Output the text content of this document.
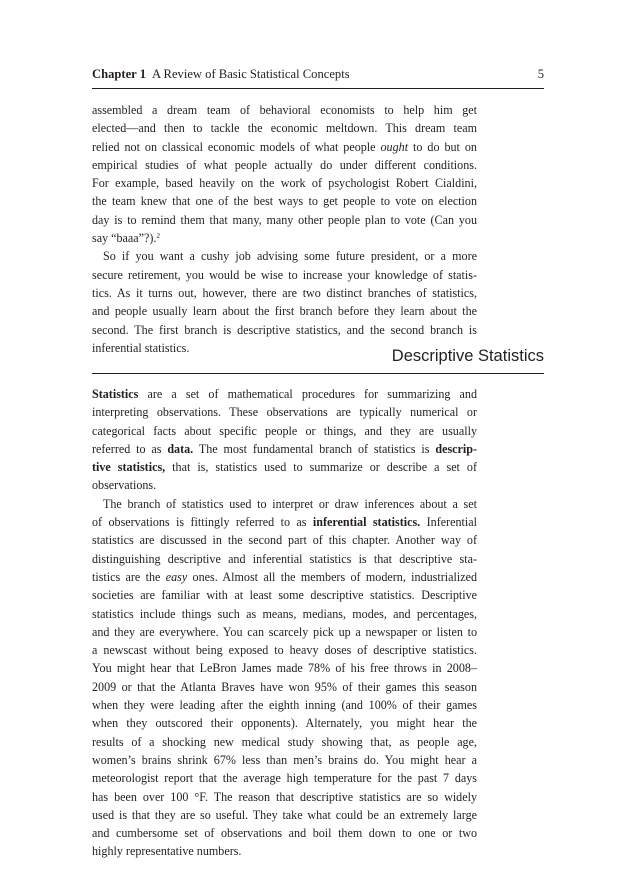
Chapter 1 A Review of Basic Statistical Concepts	5
assembled a dream team of behavioral economists to help him get
elected—and then to tackle the economic meltdown. This dream team
relied not on classical economic models of what people ought to do but on
empirical studies of what people actually do under different conditions.
For example, based heavily on the work of psychologist Robert Cialdini,
the team knew that one of the best ways to get people to vote on election
day is to remind them that many, many other people plan to vote (Can you
say “baaa”?).$^2$
So if you want a cushy job advising some future president, or a more
secure retirement, you would be wise to increase your knowledge of statis-
tics. As it turns out, however, there are two distinct branches of statistics,
and people usually learn about the first branch before they learn about the
second. The first branch is descriptive statistics, and the second branch is
inferential statistics.	Descriptive Statistics
Statistics are a set of mathematical procedures for summarizing and
interpreting observations. These observations are typically numerical or
categorical facts about specific people or things, and they are usually
referred to as data. The most fundamental branch of statistics is descrip-
tive statistics, that is, statistics used to summarize or describe a set of
observations.
The branch of statistics used to interpret or draw inferences about a set
of observations is fittingly referred to as inferential statistics. Inferential
statistics are discussed in the second part of this chapter. Another way of
distinguishing descriptive and inferential statistics is that descriptive sta-
tistics are the easy ones. Almost all the members of modern, industrialized
societies are familiar with at least some descriptive statistics. Descriptive
statistics include things such as means, medians, modes, and percentages,
and they are everywhere. You can scarcely pick up a newspaper or listen to
a newscast without being exposed to heavy doses of descriptive statistics.
You might hear that LeBron James made 78% of his free throws in 2008–
2009 or that the Atlanta Braves have won 95% of their games this season
when they were leading after the eighth inning (and 100% of their games
when they outscored their opponents). Alternately, you might hear the
results of a shocking new medical study showing that, as people age,
women’s brains shrink 67% less than men’s brains do. You might hear a
meteorologist report that the average high temperature for the past 7 days
has been over 100 °F. The reason that descriptive statistics are so widely
used is that they are so useful. They take what could be an extremely large
and cumbersome set of observations and boil them down to one or two
highly representative numbers.
